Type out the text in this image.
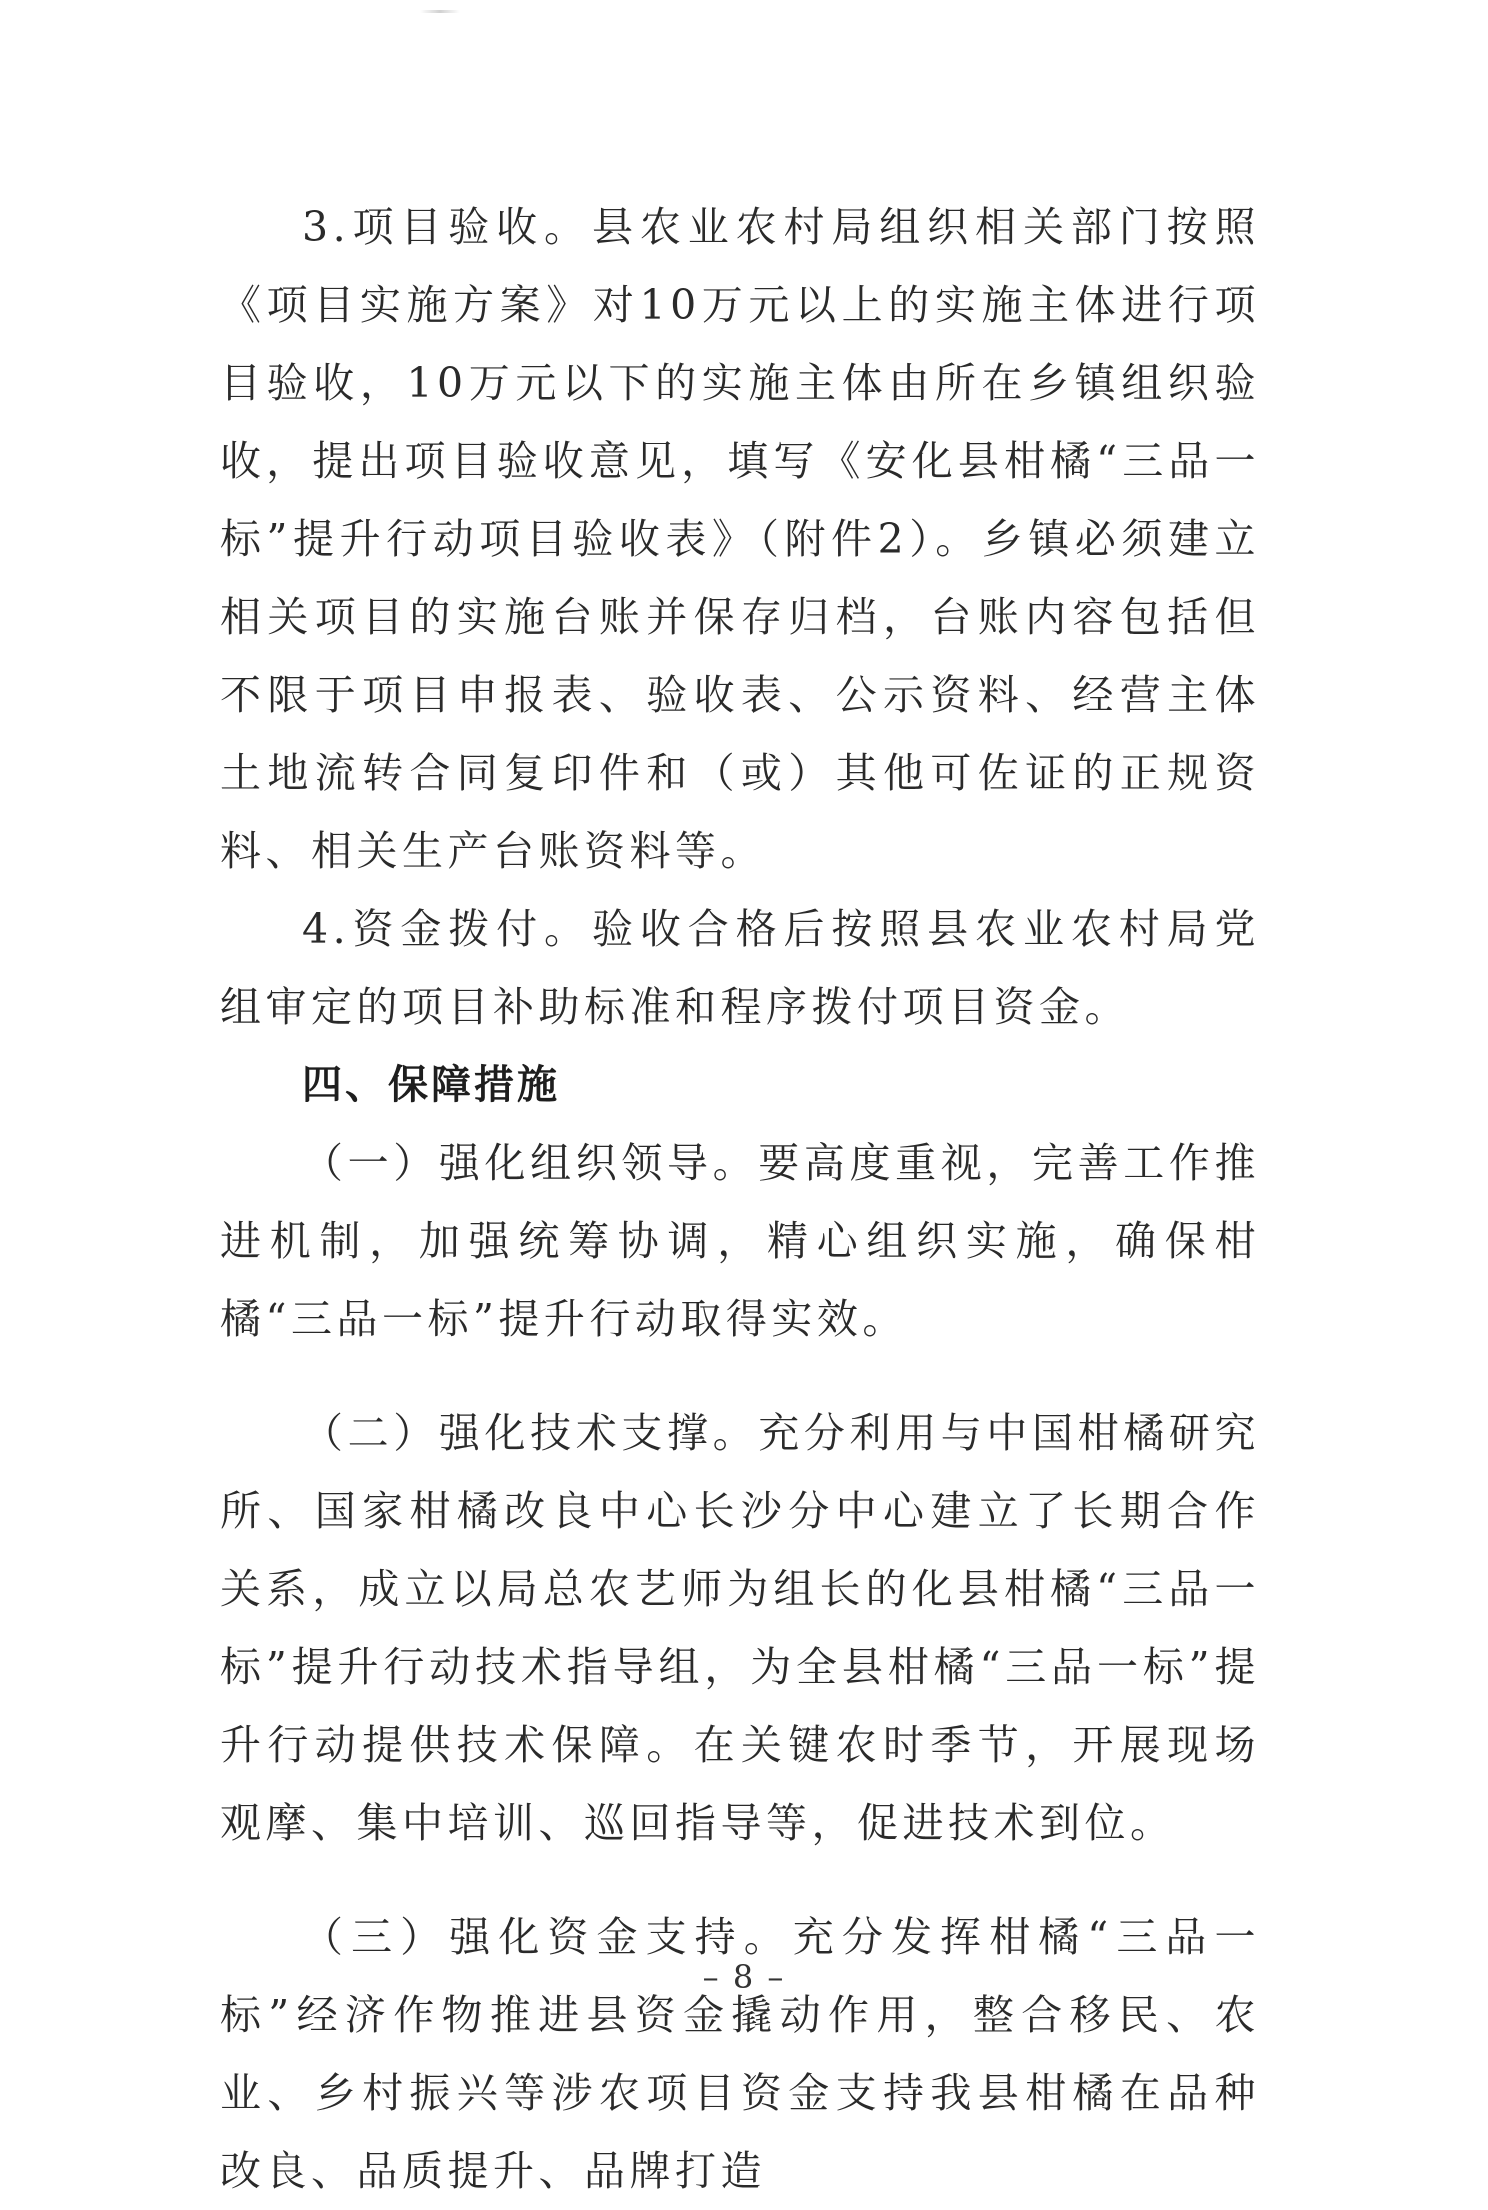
3.项目验收。县农业农村局组织相关部门按照《项目实施方案》对10万元以上的实施主体进行项目验收，10万元以下的实施主体由所在乡镇组织验收，提出项目验收意见，填写《安化县柑橘“三品一标”提升行动项目验收表》（附件2）。乡镇必须建立相关项目的实施台账并保存归档，台账内容包括但不限于项目申报表、验收表、公示资料、经营主体土地流转合同复印件和（或）其他可佐证的正规资料、相关生产台账资料等。

4.资金拨付。验收合格后按照县农业农村局党组审定的项目补助标准和程序拨付项目资金。

四、保障措施

（一）强化组织领导。要高度重视，完善工作推进机制，加强统筹协调，精心组织实施，确保柑橘“三品一标”提升行动取得实效。

（二）强化技术支撑。充分利用与中国柑橘研究所、国家柑橘改良中心长沙分中心建立了长期合作关系，成立以局总农艺师为组长的化县柑橘“三品一标”提升行动技术指导组，为全县柑橘“三品一标”提升行动提供技术保障。在关键农时季节，开展现场观摩、集中培训、巡回指导等，促进技术到位。

（三）强化资金支持。充分发挥柑橘“三品一标”经济作物推进县资金撬动作用，整合移民、农业、乡村振兴等涉农项目资金支持我县柑橘在品种改良、品质提升、品牌打造

– 8 –
